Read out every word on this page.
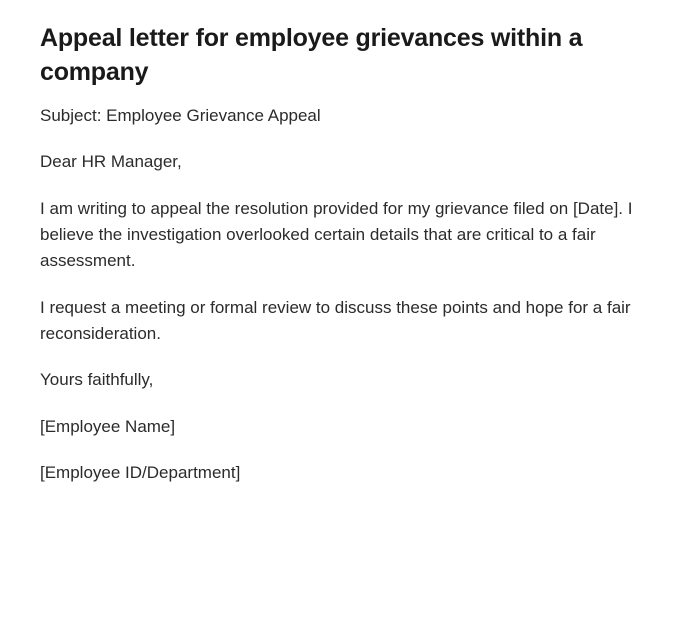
Appeal letter for employee grievances within a company

Subject: Employee Grievance Appeal

Dear HR Manager,

I am writing to appeal the resolution provided for my grievance filed on [Date]. I believe the investigation overlooked certain details that are critical to a fair assessment.

I request a meeting or formal review to discuss these points and hope for a fair reconsideration.

Yours faithfully,

[Employee Name]

[Employee ID/Department]
